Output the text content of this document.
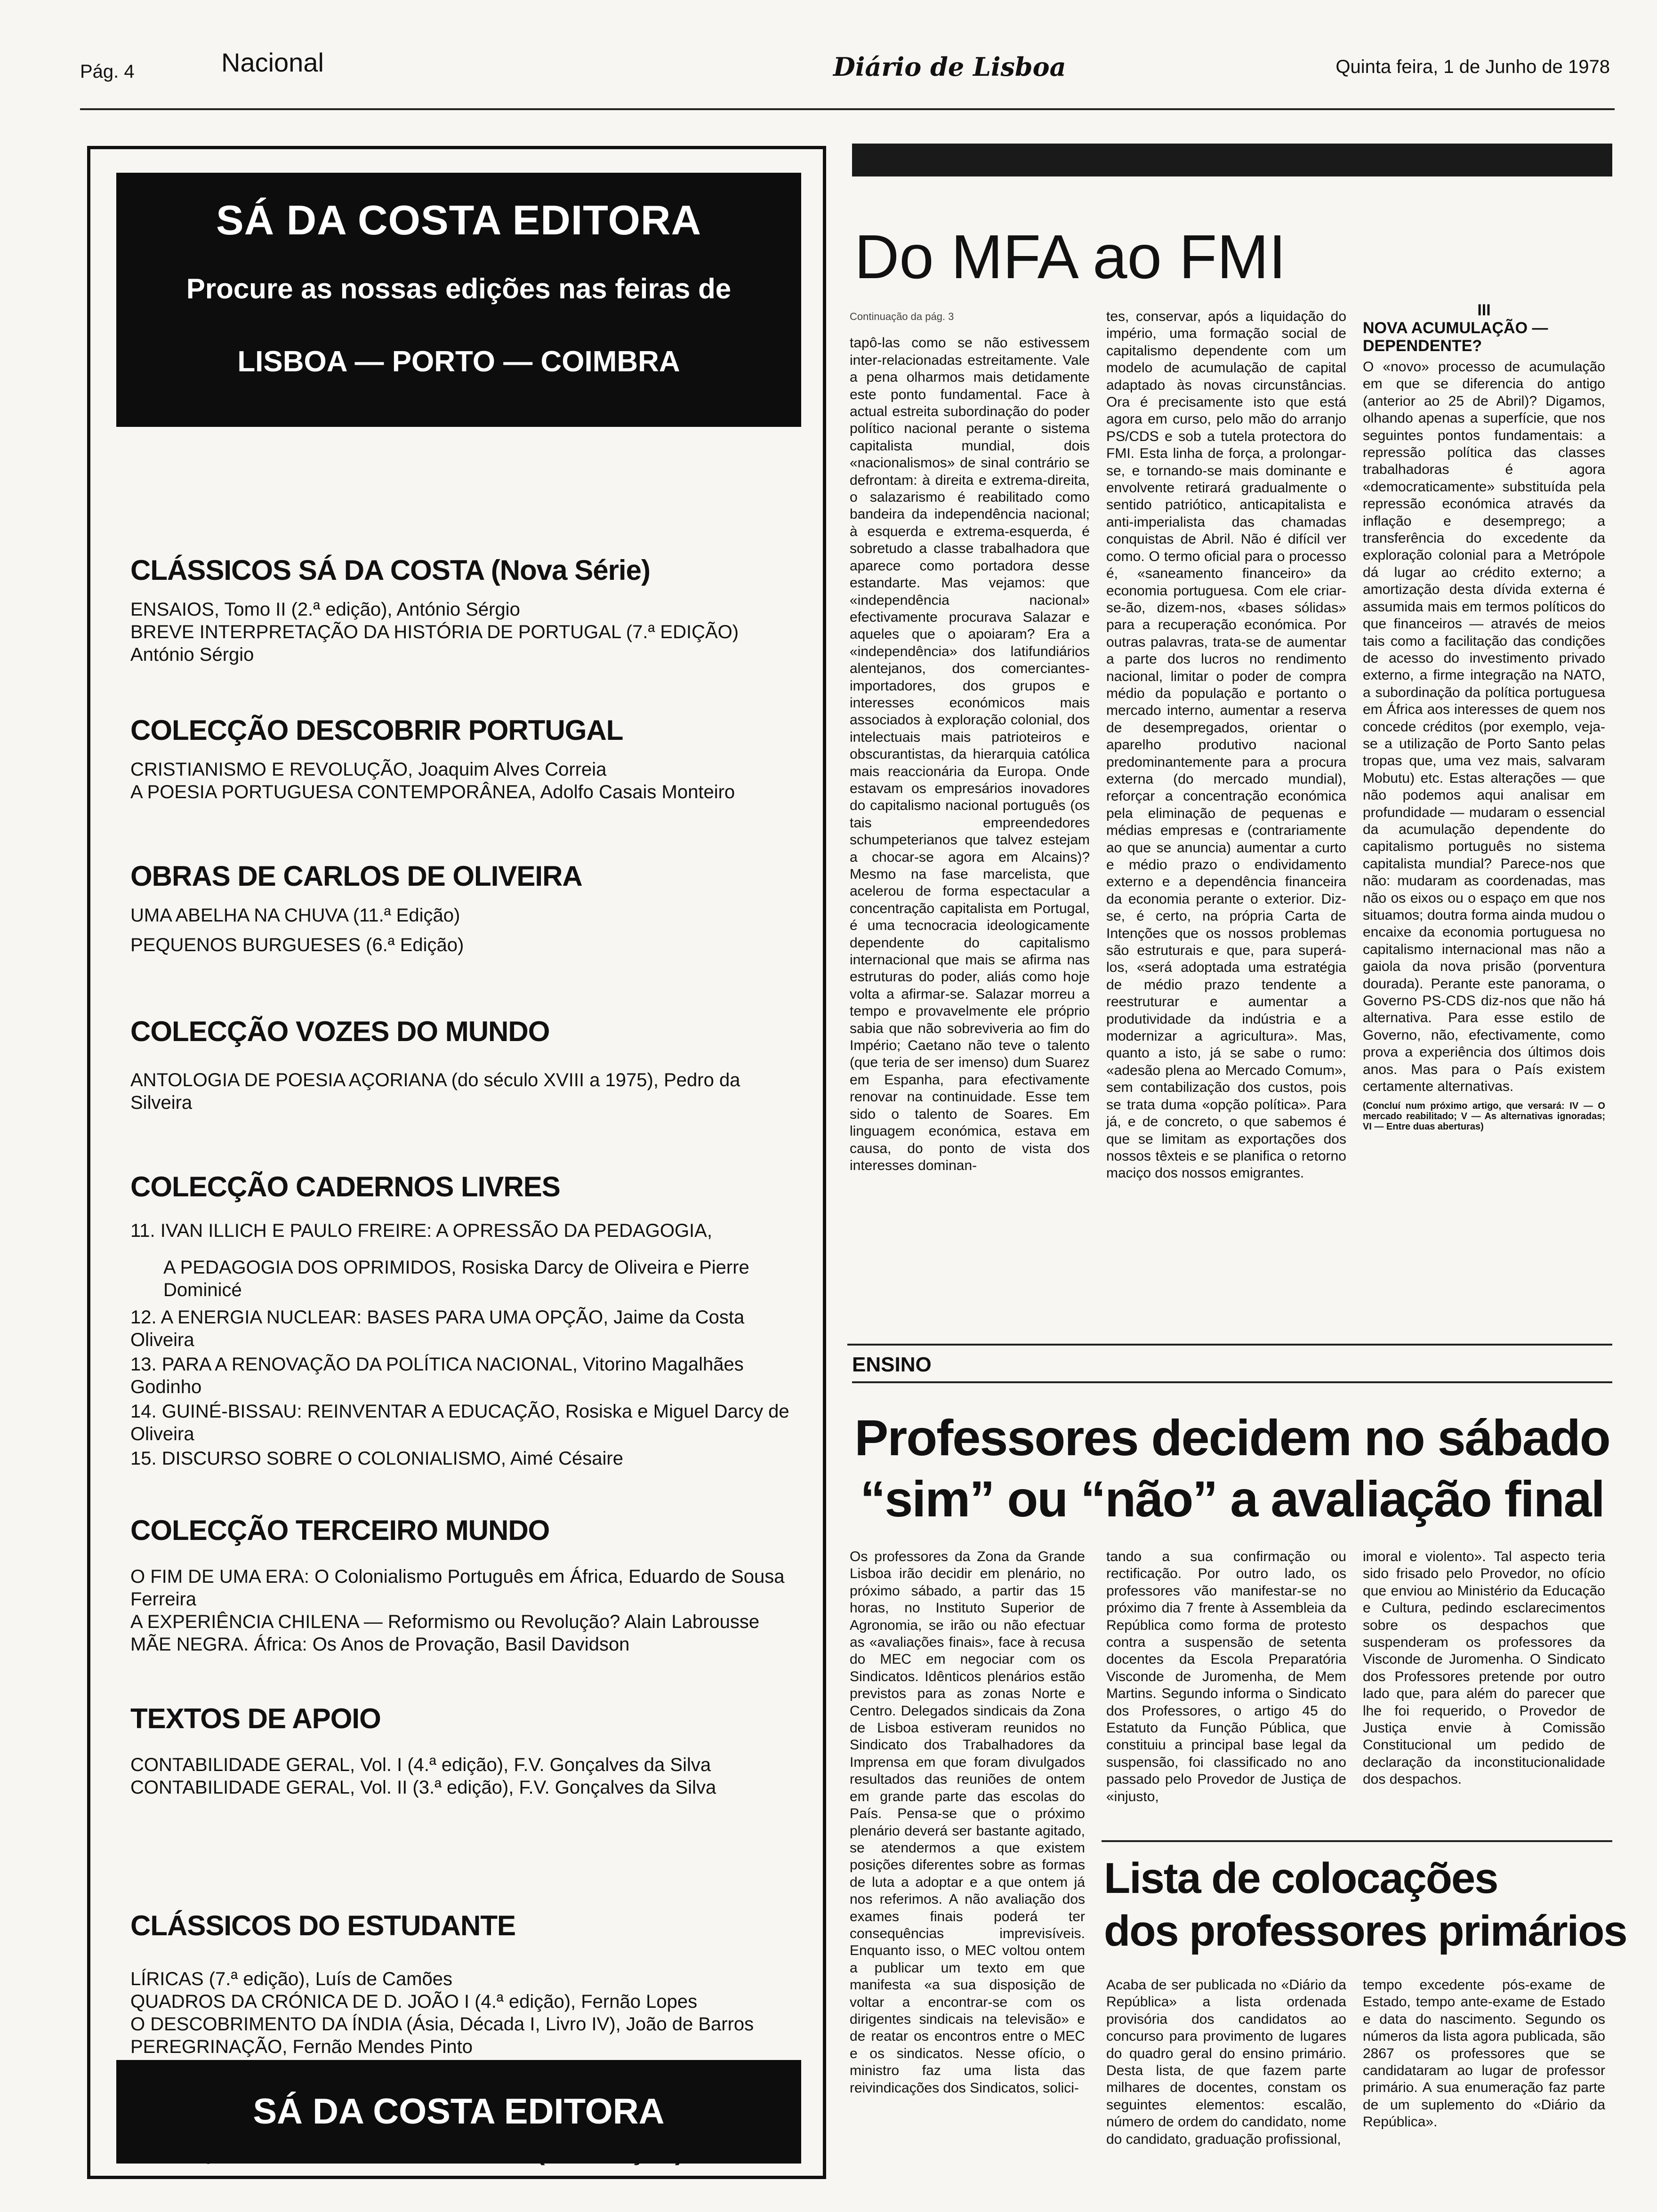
Pág. 4	Nacional	Diário de Lisboa	Quinta feira, 1 de Junho de 1978
SÁ DA COSTA EDITORA
Procure as nossas edições nas feiras de
LISBOA — PORTO — COIMBRA
CLÁSSICOS SÁ DA COSTA (Nova Série)

ENSAIOS, Tomo II (2.ª edição), António Sérgio

BREVE INTERPRETAÇÃO DA HISTÓRIA DE PORTUGAL (7.ª EDIÇÃO) António Sérgio

COLECÇÃO DESCOBRIR PORTUGAL

CRISTIANISMO E REVOLUÇÃO, Joaquim Alves Correia

A POESIA PORTUGUESA CONTEMPORÂNEA, Adolfo Casais Monteiro

OBRAS DE CARLOS DE OLIVEIRA

UMA ABELHA NA CHUVA (11.ª Edição)

PEQUENOS BURGUESES (6.ª Edição)

COLECÇÃO VOZES DO MUNDO

ANTOLOGIA DE POESIA AÇORIANA (do século XVIII a 1975), Pedro da Silveira

COLECÇÃO CADERNOS LIVRES

11. IVAN ILLICH E PAULO FREIRE: A OPRESSÃO DA PEDAGOGIA,

A PEDAGOGIA DOS OPRIMIDOS, Rosiska Darcy de Oliveira e Pierre Dominicé

12. A ENERGIA NUCLEAR: BASES PARA UMA OPÇÃO, Jaime da Costa Oliveira

13. PARA A RENOVAÇÃO DA POLÍTICA NACIONAL, Vitorino Magalhães Godinho

14. GUINÉ-BISSAU: REINVENTAR A EDUCAÇÃO, Rosiska e Miguel Darcy de Oliveira

15. DISCURSO SOBRE O COLONIALISMO, Aimé Césaire

COLECÇÃO TERCEIRO MUNDO

O FIM DE UMA ERA: O Colonialismo Português em África, Eduardo de Sousa Ferreira

A EXPERIÊNCIA CHILENA — Reformismo ou Revolução? Alain Labrousse

MÃE NEGRA. África: Os Anos de Provação, Basil Davidson

TEXTOS DE APOIO

CONTABILIDADE GERAL, Vol. I (4.ª edição), F.V. Gonçalves da Silva

CONTABILIDADE GERAL, Vol. II (3.ª edição), F.V. Gonçalves da Silva

CLÁSSICOS DO ESTUDANTE

LÍRICAS (7.ª edição), Luís de Camões

QUADROS DA CRÓNICA DE D. JOÃO I (4.ª edição), Fernão Lopes

O DESCOBRIMENTO DA ÍNDIA (Ásia, Década I, Livro IV), João de Barros

PEREGRINAÇÃO, Fernão Mendes Pinto

SÁ DA COSTA EDITORA
Do MFA ao FMI

Continuação da pág. 3

tapô-las como se não estivessem inter-relacionadas estreitamente. Vale a pena olharmos mais detidamente este ponto fundamental. Face à actual estreita subordinação do poder político nacional perante o sistema capitalista mundial, dois «nacionalismos» de sinal contrário se defrontam: à direita e extrema-direita, o salazarismo é reabilitado como bandeira da independência nacional; à esquerda e extrema-esquerda, é sobretudo a classe trabalhadora que aparece como portadora desse estandarte. Mas vejamos: que «independência nacional» efectivamente procurava Salazar e aqueles que o apoiaram? Era a «independência» dos latifundiários alentejanos, dos comerciantes-importadores, dos grupos e interesses económicos mais associados à exploração colonial, dos intelectuais mais patrioteiros e obscurantistas, da hierarquia católica mais reaccionária da Europa. Onde estavam os empresários inovadores do capitalismo nacional português (os tais empreendedores schumpeterianos que talvez estejam a chocar-se agora em Alcains)? Mesmo na fase marcelista, que acelerou de forma espectacular a concentração capitalista em Portugal, é uma tecnocracia ideologicamente dependente do capitalismo internacional que mais se afirma nas estruturas do poder, aliás como hoje volta a afirmar-se. Salazar morreu a tempo e provavelmente ele próprio sabia que não sobreviveria ao fim do Império; Caetano não teve o talento (que teria de ser imenso) dum Suarez em Espanha, para efectivamente renovar na continuidade. Esse tem sido o talento de Soares. Em linguagem económica, estava em causa, do ponto de vista dos interesses dominan-

tes, conservar, após a liquidação do império, uma formação social de capitalismo dependente com um modelo de acumulação de capital adaptado às novas circunstâncias. Ora é precisamente isto que está agora em curso, pelo mão do arranjo PS/CDS e sob a tutela protectora do FMI. Esta linha de força, a prolongar-se, e tornando-se mais dominante e envolvente retirará gradualmente o sentido patriótico, anticapitalista e anti-imperialista das chamadas conquistas de Abril. Não é difícil ver como. O termo oficial para o processo é, «saneamento financeiro» da economia portuguesa. Com ele criar-se-ão, dizem-nos, «bases sólidas» para a recuperação económica. Por outras palavras, trata-se de aumentar a parte dos lucros no rendimento nacional, limitar o poder de compra médio da população e portanto o mercado interno, aumentar a reserva de desempregados, orientar o aparelho produtivo nacional predominantemente para a procura externa (do mercado mundial), reforçar a concentração económica pela eliminação de pequenas e médias empresas e (contrariamente ao que se anuncia) aumentar a curto e médio prazo o endividamento externo e a dependência financeira da economia perante o exterior. Diz-se, é certo, na própria Carta de Intenções que os nossos problemas são estruturais e que, para superá-los, «será adoptada uma estratégia de médio prazo tendente a reestruturar e aumentar a produtividade da indústria e a modernizar a agricultura». Mas, quanto a isto, já se sabe o rumo: «adesão plena ao Mercado Comum», sem contabilização dos custos, pois se trata duma «opção política». Para já, e de concreto, o que sabemos é que se limitam as exportações dos nossos têxteis e se planifica o retorno maciço dos nossos emigrantes.

III

NOVA ACUMULAÇÃO — DEPENDENTE?

O «novo» processo de acumulação em que se diferencia do antigo (anterior ao 25 de Abril)? Digamos, olhando apenas a superfície, que nos seguintes pontos fundamentais: a repressão política das classes trabalhadoras é agora «democraticamente» substituída pela repressão económica através da inflação e desemprego; a transferência do excedente da exploração colonial para a Metrópole dá lugar ao crédito externo; a amortização desta dívida externa é assumida mais em termos políticos do que financeiros — através de meios tais como a facilitação das condições de acesso do investimento privado externo, a firme integração na NATO, a subordinação da política portuguesa em África aos interesses de quem nos concede créditos (por exemplo, veja-se a utilização de Porto Santo pelas tropas que, uma vez mais, salvaram Mobutu) etc. Estas alterações — que não podemos aqui analisar em profundidade — mudaram o essencial da acumulação dependente do capitalismo português no sistema capitalista mundial? Parece-nos que não: mudaram as coordenadas, mas não os eixos ou o espaço em que nos situamos; doutra forma ainda mudou o encaixe da economia portuguesa no capitalismo internacional mas não a gaiola da nova prisão (porventura dourada). Perante este panorama, o Governo PS-CDS diz-nos que não há alternativa. Para esse estilo de Governo, não, efectivamente, como prova a experiência dos últimos dois anos. Mas para o País existem certamente alternativas.

(Concluí num próximo artigo, que versará: IV — O mercado reabilitado; V — As alternativas ignoradas; VI — Entre duas aberturas)

ENSINO
Professores decidem no sábado
“sim” ou “não” a avaliação final

Os professores da Zona da Grande Lisboa irão decidir em plenário, no próximo sábado, a partir das 15 horas, no Instituto Superior de Agronomia, se irão ou não efectuar as «avaliações finais», face à recusa do MEC em negociar com os Sindicatos. Idênticos plenários estão previstos para as zonas Norte e Centro. Delegados sindicais da Zona de Lisboa estiveram reunidos no Sindicato dos Trabalhadores da Imprensa em que foram divulgados resultados das reuniões de ontem em grande parte das escolas do País. Pensa-se que o próximo plenário deverá ser bastante agitado, se atendermos a que existem posições diferentes sobre as formas de luta a adoptar e a que ontem já nos referimos. A não avaliação dos exames finais poderá ter consequências imprevisíveis. Enquanto isso, o MEC voltou ontem a publicar um texto em que manifesta «a sua disposição de voltar a encontrar-se com os dirigentes sindicais na televisão» e de reatar os encontros entre o MEC e os sindicatos. Nesse ofício, o ministro faz uma lista das reivindicações dos Sindicatos, solici-

tando a sua confirmação ou rectificação. Por outro lado, os professores vão manifestar-se no próximo dia 7 frente à Assembleia da República como forma de protesto contra a suspensão de setenta docentes da Escola Preparatória Visconde de Juromenha, de Mem Martins. Segundo informa o Sindicato dos Professores, o artigo 45 do Estatuto da Função Pública, que constituiu a principal base legal da suspensão, foi classificado no ano passado pelo Provedor de Justiça de «injusto,

imoral e violento». Tal aspecto teria sido frisado pelo Provedor, no ofício que enviou ao Ministério da Educação e Cultura, pedindo esclarecimentos sobre os despachos que suspenderam os professores da Visconde de Juromenha. O Sindicato dos Professores pretende por outro lado que, para além do parecer que lhe foi requerido, o Provedor de Justiça envie à Comissão Constitucional um pedido de declaração da inconstitucionalidade dos despachos.

Lista de colocações
dos professores primários

Acaba de ser publicada no «Diário da República» a lista ordenada provisória dos candidatos ao concurso para provimento de lugares do quadro geral do ensino primário. Desta lista, de que fazem parte milhares de docentes, constam os seguintes elementos: escalão, número de ordem do candidato, nome do candidato, graduação profissional,

tempo excedente pós-exame de Estado, tempo ante-exame de Estado e data do nascimento. Segundo os números da lista agora publicada, são 2867 os professores que se candidataram ao lugar de professor primário. A sua enumeração faz parte de um suplemento do «Diário da República».
